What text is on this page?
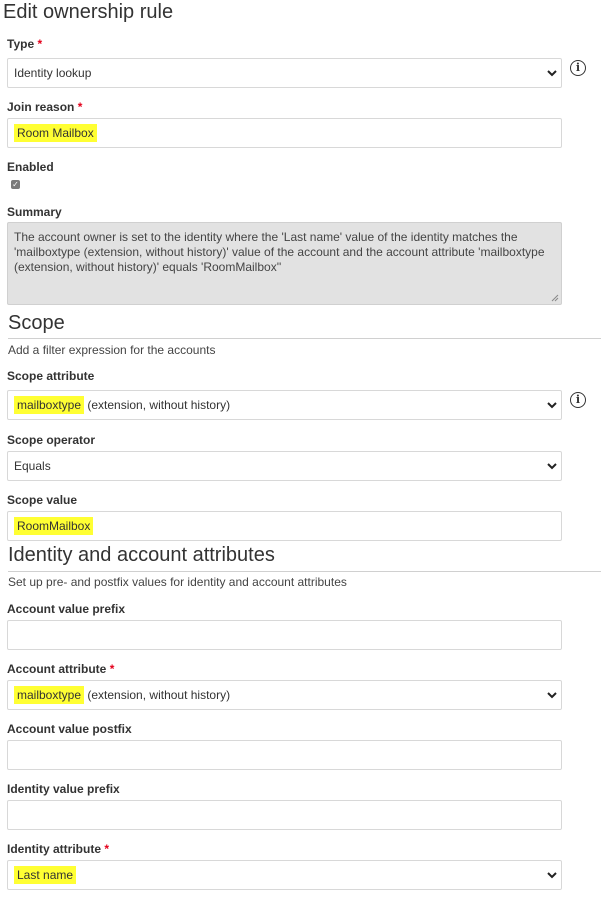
Edit ownership rule
Type *
Identity lookup	i
Join reason *
Room Mailbox
Enabled
✓
Summary
The account owner is set to the identity where the 'Last name' value of the identity matches the 'mailboxtype (extension, without history)' value of the account and the account attribute 'mailboxtype (extension, without history)' equals 'RoomMailbox''
Scope
Add a filter expression for the accounts
Scope attribute
mailboxtype (extension, without history)	i
Scope operator
Equals
Scope value
RoomMailbox
Identity and account attributes
Set up pre- and postfix values for identity and account attributes
Account value prefix
Account attribute *
mailboxtype (extension, without history)
Account value postfix
Identity value prefix
Identity attribute *
Last name
